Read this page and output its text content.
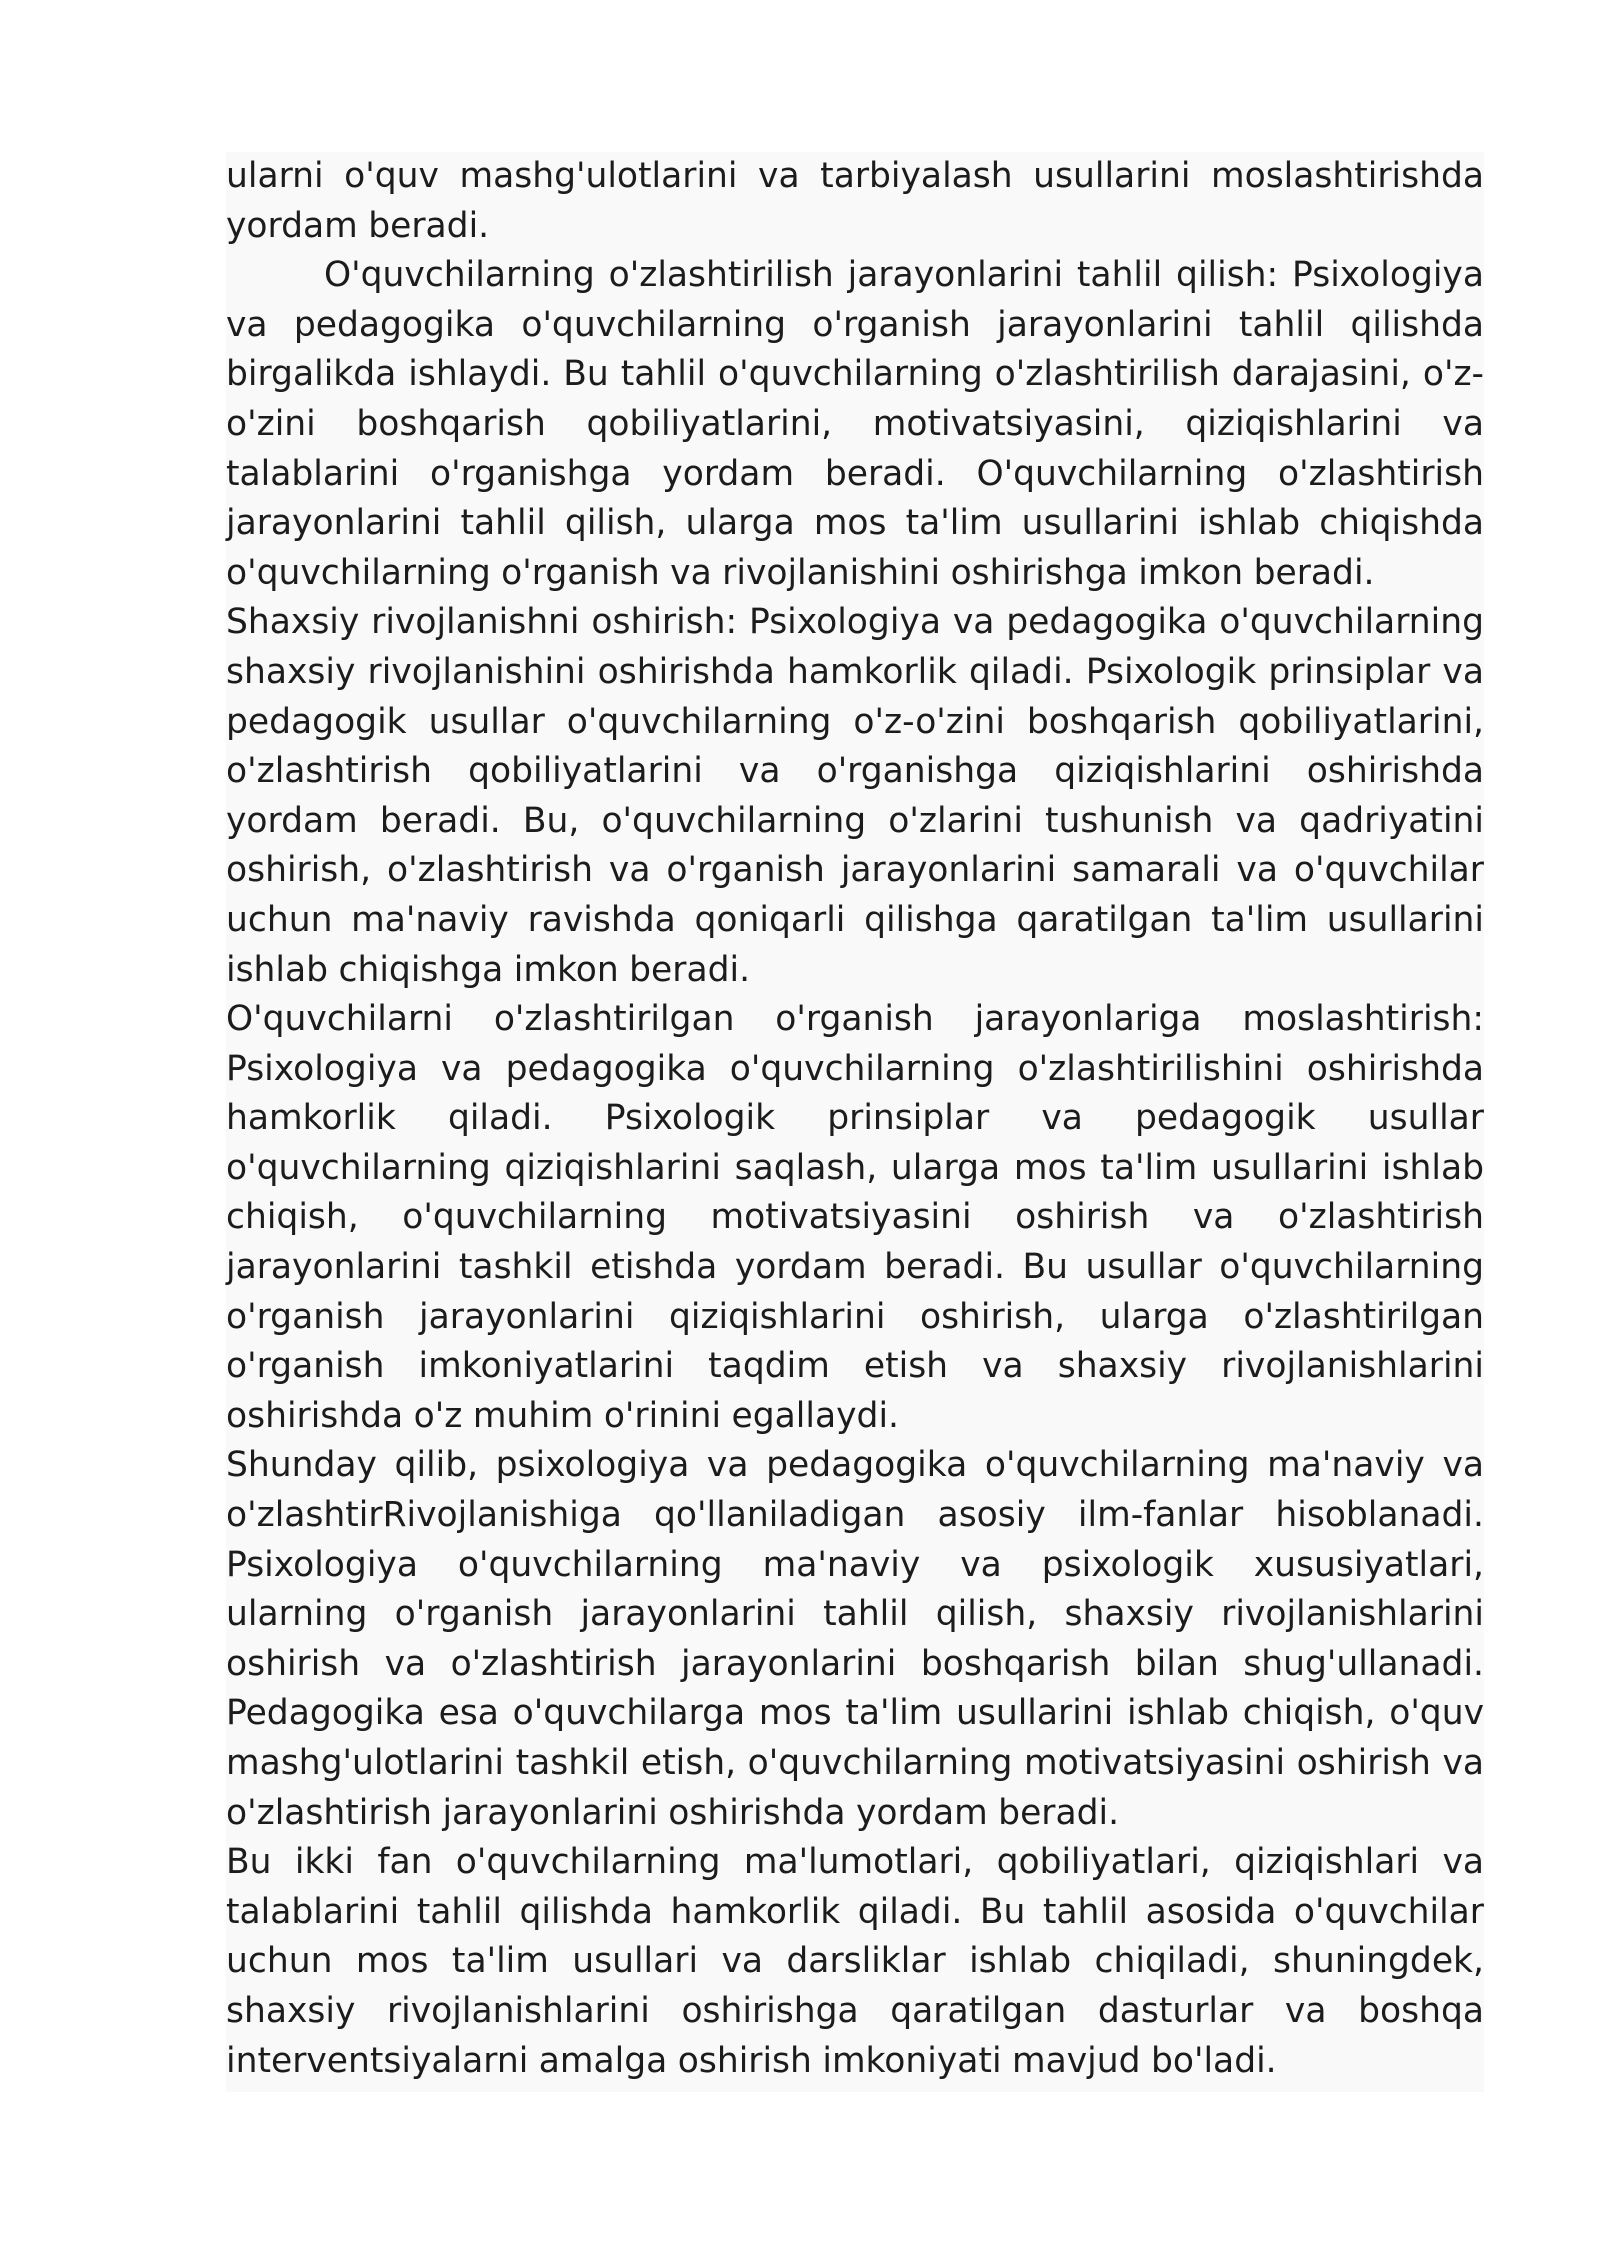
ularni o'quv mashg'ulotlarini va tarbiyalash usullarini moslashtirishda yordam beradi.

O'quvchilarning o'zlashtirilish jarayonlarini tahlil qilish: Psixologiya va pedagogika o'quvchilarning o'rganish jarayonlarini tahlil qilishda birgalikda ishlaydi. Bu tahlil o'quvchilarning o'zlashtirilish darajasini, o'z-o'zini boshqarish qobiliyatlarini, motivatsiyasini, qiziqishlarini va talablarini o'rganishga yordam beradi. O'quvchilarning o'zlashtirish jarayonlarini tahlil qilish, ularga mos ta'lim usullarini ishlab chiqishda o'quvchilarning o'rganish va rivojlanishini oshirishga imkon beradi.

Shaxsiy rivojlanishni oshirish: Psixologiya va pedagogika o'quvchilarning shaxsiy rivojlanishini oshirishda hamkorlik qiladi. Psixologik prinsiplar va pedagogik usullar o'quvchilarning o'z-o'zini boshqarish qobiliyatlarini, o'zlashtirish qobiliyatlarini va o'rganishga qiziqishlarini oshirishda yordam beradi. Bu, o'quvchilarning o'zlarini tushunish va qadriyatini oshirish, o'zlashtirish va o'rganish jarayonlarini samarali va o'quvchilar uchun ma'naviy ravishda qoniqarli qilishga qaratilgan ta'lim usullarini ishlab chiqishga imkon beradi.

O'quvchilarni o'zlashtirilgan o'rganish jarayonlariga moslashtirish: Psixologiya va pedagogika o'quvchilarning o'zlashtirilishini oshirishda hamkorlik qiladi. Psixologik prinsiplar va pedagogik usullar o'quvchilarning qiziqishlarini saqlash, ularga mos ta'lim usullarini ishlab chiqish, o'quvchilarning motivatsiyasini oshirish va o'zlashtirish jarayonlarini tashkil etishda yordam beradi. Bu usullar o'quvchilarning o'rganish jarayonlarini qiziqishlarini oshirish, ularga o'zlashtirilgan o'rganish imkoniyatlarini taqdim etish va shaxsiy rivojlanishlarini oshirishda o'z muhim o'rinini egallaydi.

Shunday qilib, psixologiya va pedagogika o'quvchilarning ma'naviy va o'zlashtirRivojlanishiga qo'llaniladigan asosiy ilm-fanlar hisoblanadi. Psixologiya o'quvchilarning ma'naviy va psixologik xususiyatlari, ularning o'rganish jarayonlarini tahlil qilish, shaxsiy rivojlanishlarini oshirish va o'zlashtirish jarayonlarini boshqarish bilan shug'ullanadi. Pedagogika esa o'quvchilarga mos ta'lim usullarini ishlab chiqish, o'quv mashg'ulotlarini tashkil etish, o'quvchilarning motivatsiyasini oshirish va o'zlashtirish jarayonlarini oshirishda yordam beradi.

Bu ikki fan o'quvchilarning ma'lumotlari, qobiliyatlari, qiziqishlari va talablarini tahlil qilishda hamkorlik qiladi. Bu tahlil asosida o'quvchilar uchun mos ta'lim usullari va darsliklar ishlab chiqiladi, shuningdek, shaxsiy rivojlanishlarini oshirishga qaratilgan dasturlar va boshqa interventsiyalarni amalga oshirish imkoniyati mavjud bo'ladi.
